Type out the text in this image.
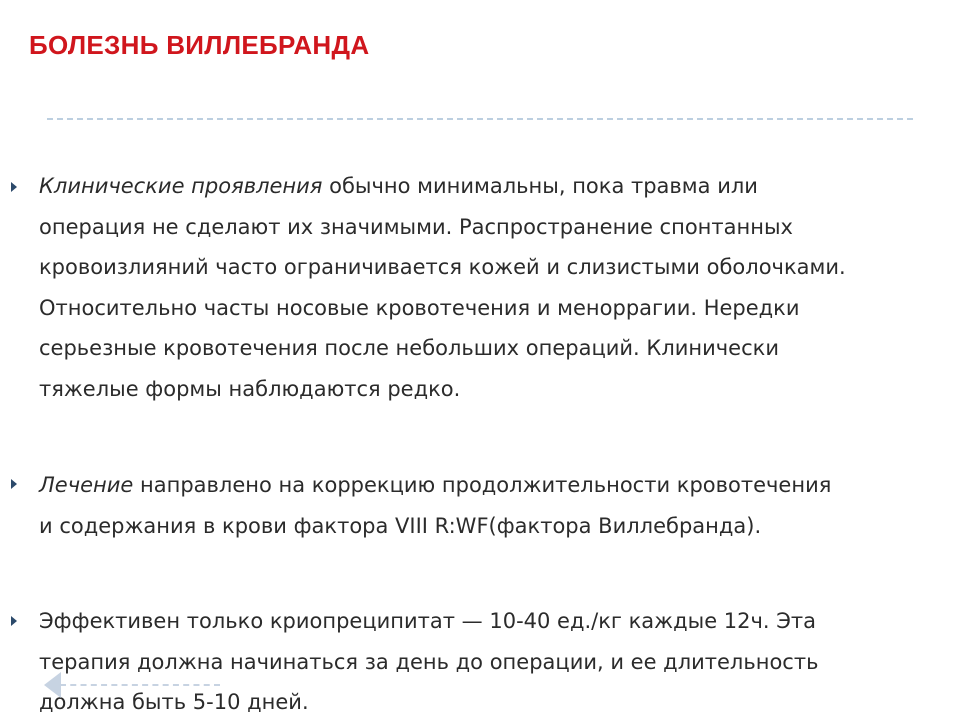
БОЛЕЗНЬ ВИЛЛЕБРАНДА
Клинические проявления обычно минимальны, пока травма или
операция не сделают их значимыми. Распространение спонтанных
кровоизлияний часто ограничивается кожей и слизистыми оболочками.
Относительно часты носовые кровотечения и меноррагии. Нередки
серьезные кровотечения после небольших операций. Клинически
тяжелые формы наблюдаются редко.
Лечение направлено на коррекцию продолжительности кровотечения
и содержания в крови фактора VIII R:WF(фактора Виллебранда).
Эффективен только криопреципитат — 10-40 ед./кг каждые 12ч. Эта
терапия должна начинаться за день до операции, и ее длительность
должна быть 5-10 дней.
